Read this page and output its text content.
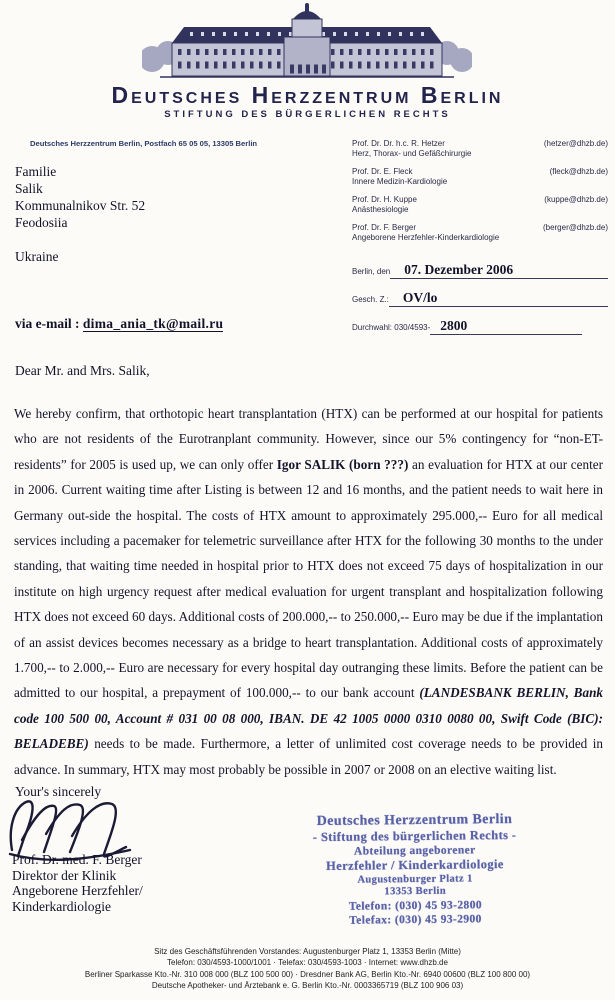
Deutsches Herzzentrum Berlin
STIFTUNG DES BÜRGERLICHEN RECHTS
Deutsches Herzzentrum Berlin, Postfach 65 05 05, 13305 Berlin
Familie
Salik
Kommunalnikov Str. 52
Feodosiia
Ukraine
Prof. Dr. Dr. h.c. R. Hetzer	(hetzer@dhzb.de)
Herz, Thorax- und Gefäßchirurgie
Prof. Dr. E. Fleck	(fleck@dhzb.de)
Innere Medizin-Kardiologie
Prof. Dr. H. Kuppe	(kuppe@dhzb.de)
Anästhesiologie
Prof. Dr. F. Berger	(berger@dhzb.de)
Angeborene Herzfehler-Kinderkardiologie
Berlin, den	07. Dezember 2006
Gesch. Z.:	OV/lo
Durchwahl: 030/4593- 2800
via e-mail : dima_ania_tk@mail.ru
Dear Mr. and Mrs. Salik,
We hereby confirm, that orthotopic heart transplantation (HTX) can be performed at our hospital for patients who are not residents of the Eurotranplant community. However, since our 5% contingency for “non-ET-residents” for 2005 is used up, we can only offer Igor SALIK (born ???) an evaluation for HTX at our center in 2006. Current waiting time after Listing is between 12 and 16 months, and the patient needs to wait here in Germany out-side the hospital. The costs of HTX amount to approximately 295.000,-- Euro for all medical services including a pacemaker for telemetric surveillance after HTX for the following 30 months to the under standing, that waiting time needed in hospital prior to HTX does not exceed 75 days of hospitalization in our institute on high urgency request after medical evaluation for urgent transplant and hospitalization following HTX does not exceed 60 days. Additional costs of 200.000,-- to 250.000,-- Euro may be due if the implantation of an assist devices becomes necessary as a bridge to heart transplantation. Additional costs of approximately 1.700,-- to 2.000,-- Euro are necessary for every hospital day outranging these limits. Before the patient can be admitted to our hospital, a prepayment of 100.000,-- to our bank account (LANDESBANK BERLIN, Bank code 100 500 00, Account # 031 00 08 000, IBAN. DE 42 1005 0000 0310 0080 00, Swift Code (BIC): BELADEBE) needs to be made. Furthermore, a letter of unlimited cost coverage needs to be provided in advance. In summary, HTX may most probably be possible in 2007 or 2008 on an elective waiting list.
Your's sincerely
Prof. Dr. med. F. Berger
Direktor der Klinik
Angeborene Herzfehler/
Kinderkardiologie
Deutsches Herzzentrum Berlin
- Stiftung des bürgerlichen Rechts -
Abteilung angeborener
Herzfehler / Kinderkardiologie
Augustenburger Platz 1
13353 Berlin
Telefon: (030) 45 93-2800
Telefax: (030) 45 93-2900
Sitz des Geschäftsführenden Vorstandes: Augustenburger Platz 1, 13353 Berlin (Mitte)
Telefon: 030/4593-1000/1001 · Telefax: 030/4593-1003 · Internet: www.dhzb.de
Berliner Sparkasse Kto.-Nr. 310 008 000 (BLZ 100 500 00) · Dresdner Bank AG, Berlin Kto.-Nr. 6940 00600 (BLZ 100 800 00)
Deutsche Apotheker- und Ärztebank e. G. Berlin Kto.-Nr. 0003365719 (BLZ 100 906 03)
